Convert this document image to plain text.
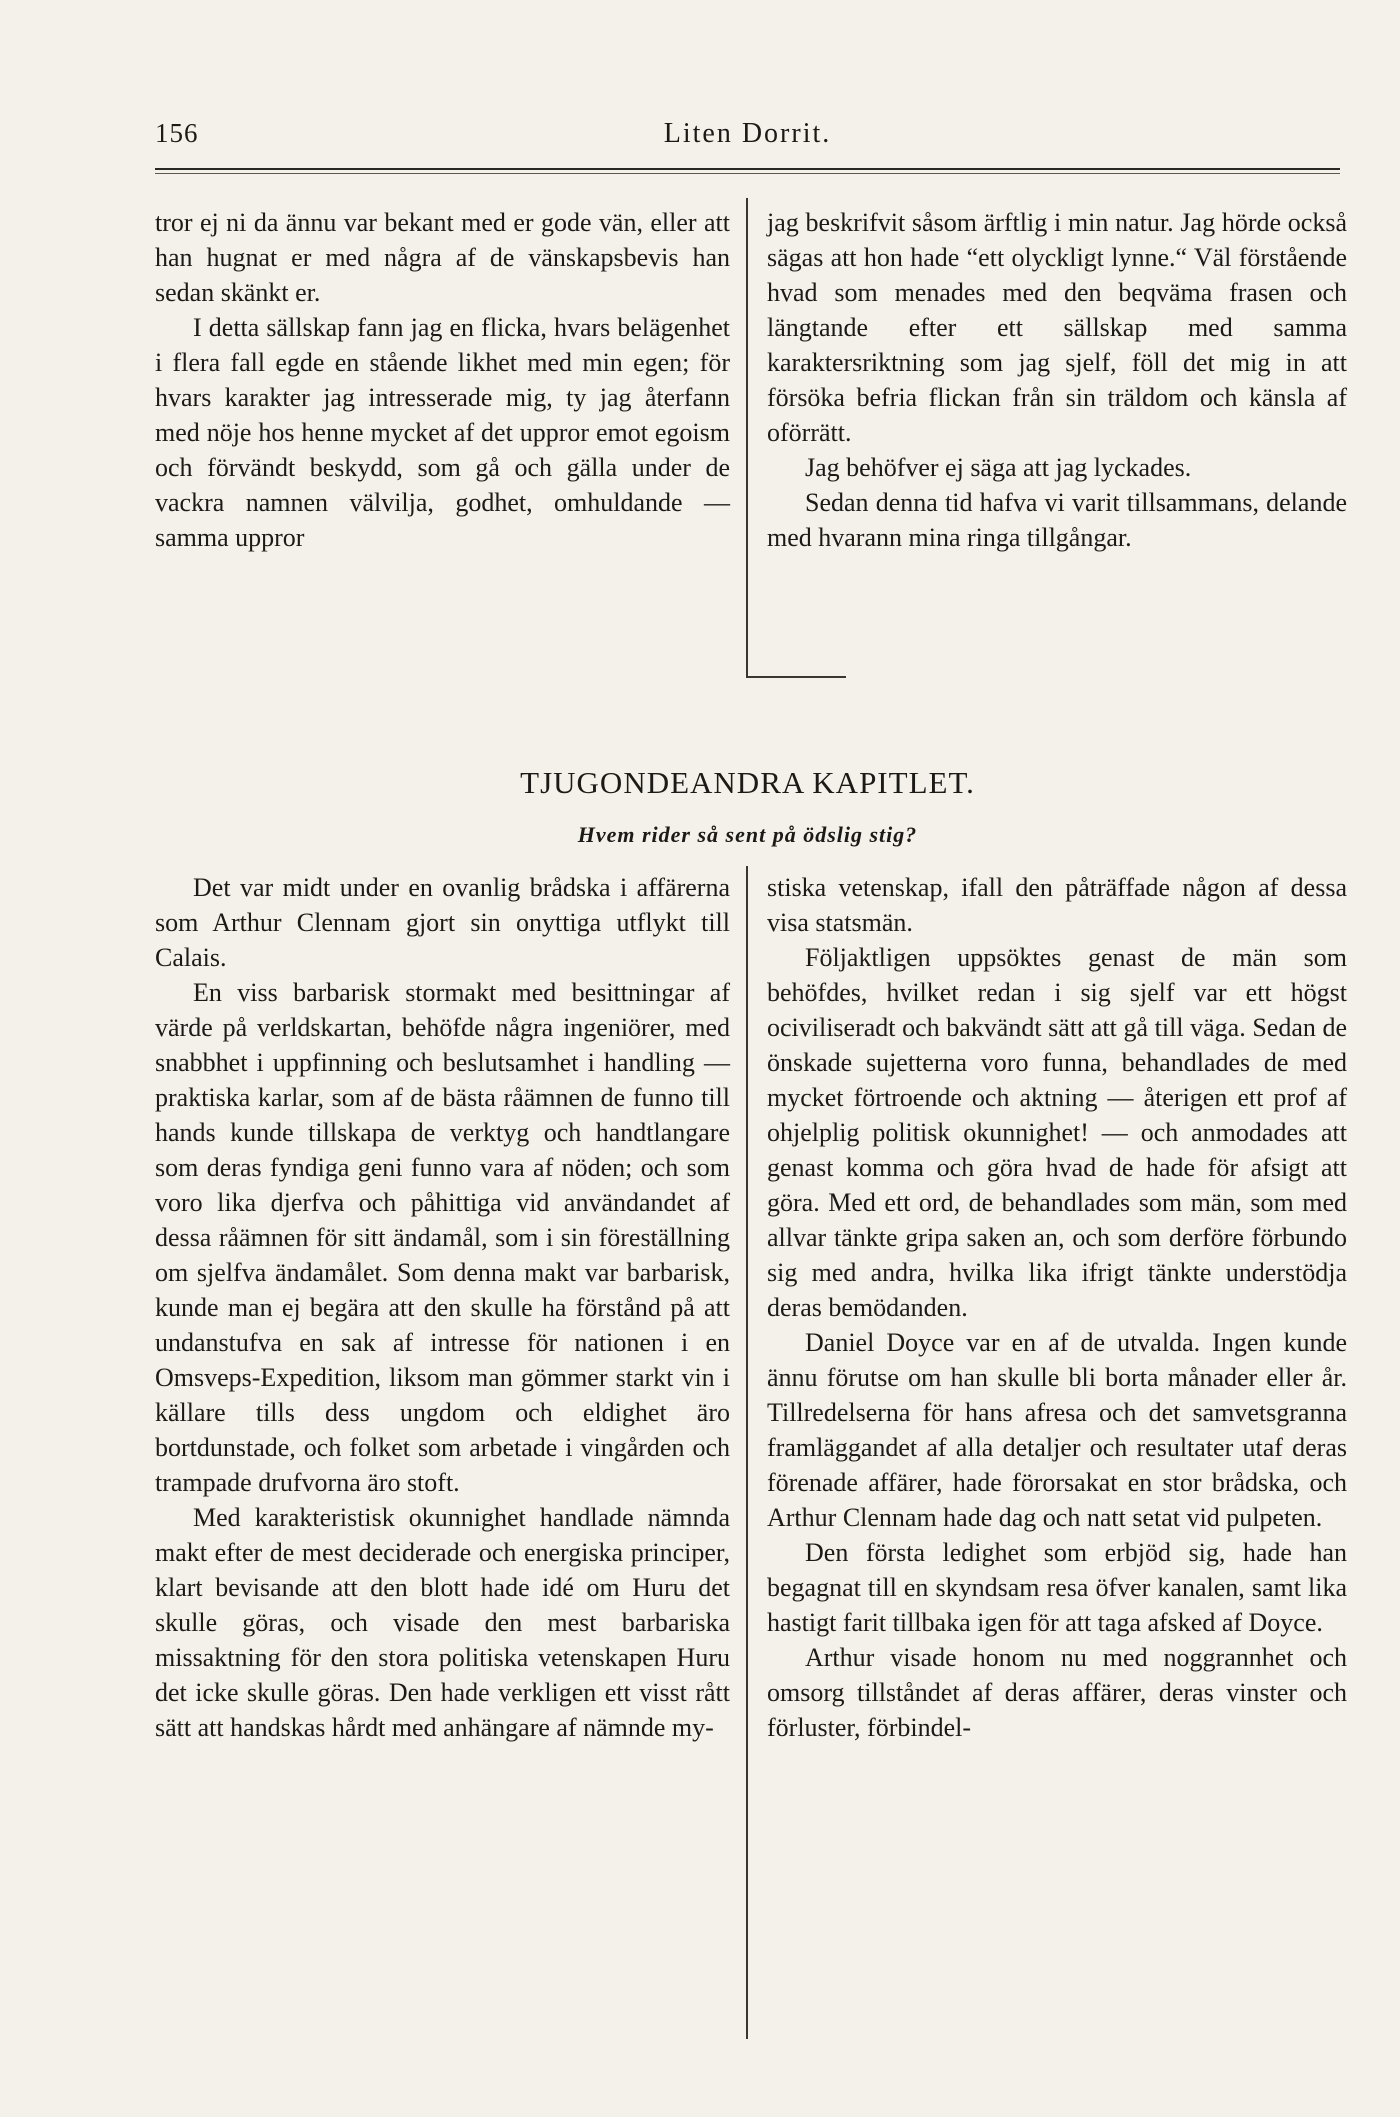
156	Liten Dorrit.

tror ej ni da ännu var bekant med er gode vän, eller att han hugnat er med några af de vänskapsbevis han sedan skänkt er.

I detta sällskap fann jag en flicka, hvars belägenhet i flera fall egde en stående likhet med min egen; för hvars karakter jag intresserade mig, ty jag återfann med nöje hos henne mycket af det uppror emot egoism och förvändt beskydd, som gå och gälla under de vackra namnen välvilja, godhet, omhuldande — samma uppror

jag beskrifvit såsom ärftlig i min natur. Jag hörde också sägas att hon hade “ett olyckligt lynne.“ Väl förstående hvad som menades med den beqväma frasen och längtande efter ett sällskap med samma karaktersriktning som jag sjelf, föll det mig in att försöka befria flickan från sin träldom och känsla af oförrätt.

Jag behöfver ej säga att jag lyckades.

Sedan denna tid hafva vi varit tillsammans, delande med hvarann mina ringa tillgångar.

TJUGONDEANDRA KAPITLET.
Hvem rider så sent på ödslig stig?

Det var midt under en ovanlig brådska i affärerna som Arthur Clennam gjort sin onyttiga utflykt till Calais.

En viss barbarisk stormakt med besittningar af värde på verldskartan, behöfde några ingeniörer, med snabbhet i uppfinning och beslutsamhet i handling — praktiska karlar, som af de bästa råämnen de funno till hands kunde tillskapa de verktyg och handtlangare som deras fyndiga geni funno vara af nöden; och som voro lika djerfva och påhittiga vid användandet af dessa råämnen för sitt ändamål, som i sin föreställning om sjelfva ändamålet. Som denna makt var barbarisk, kunde man ej begära att den skulle ha förstånd på att undanstufva en sak af intresse för nationen i en Omsveps-Expedition, liksom man gömmer starkt vin i källare tills dess ungdom och eldighet äro bortdunstade, och folket som arbetade i vingården och trampade drufvorna äro stoft.

Med karakteristisk okunnighet handlade nämnda makt efter de mest deciderade och energiska principer, klart bevisande att den blott hade idé om Huru det skulle göras, och visade den mest barbariska missaktning för den stora politiska vetenskapen Huru det icke skulle göras. Den hade verkligen ett visst rått sätt att handskas hårdt med anhängare af nämnde my-

stiska vetenskap, ifall den påträffade någon af dessa visa statsmän.

Följaktligen uppsöktes genast de män som behöfdes, hvilket redan i sig sjelf var ett högst ociviliseradt och bakvändt sätt att gå till väga. Sedan de önskade sujetterna voro funna, behandlades de med mycket förtroende och aktning — återigen ett prof af ohjelplig politisk okunnighet! — och anmodades att genast komma och göra hvad de hade för afsigt att göra. Med ett ord, de behandlades som män, som med allvar tänkte gripa saken an, och som derföre förbundo sig med andra, hvilka lika ifrigt tänkte understödja deras bemödanden.

Daniel Doyce var en af de utvalda. Ingen kunde ännu förutse om han skulle bli borta månader eller år. Tillredelserna för hans afresa och det samvetsgranna framläggandet af alla detaljer och resultater utaf deras förenade affärer, hade förorsakat en stor brådska, och Arthur Clennam hade dag och natt setat vid pulpeten.

Den första ledighet som erbjöd sig, hade han begagnat till en skyndsam resa öfver kanalen, samt lika hastigt farit tillbaka igen för att taga afsked af Doyce.

Arthur visade honom nu med noggrannhet och omsorg tillståndet af deras affärer, deras vinster och förluster, förbindel-
